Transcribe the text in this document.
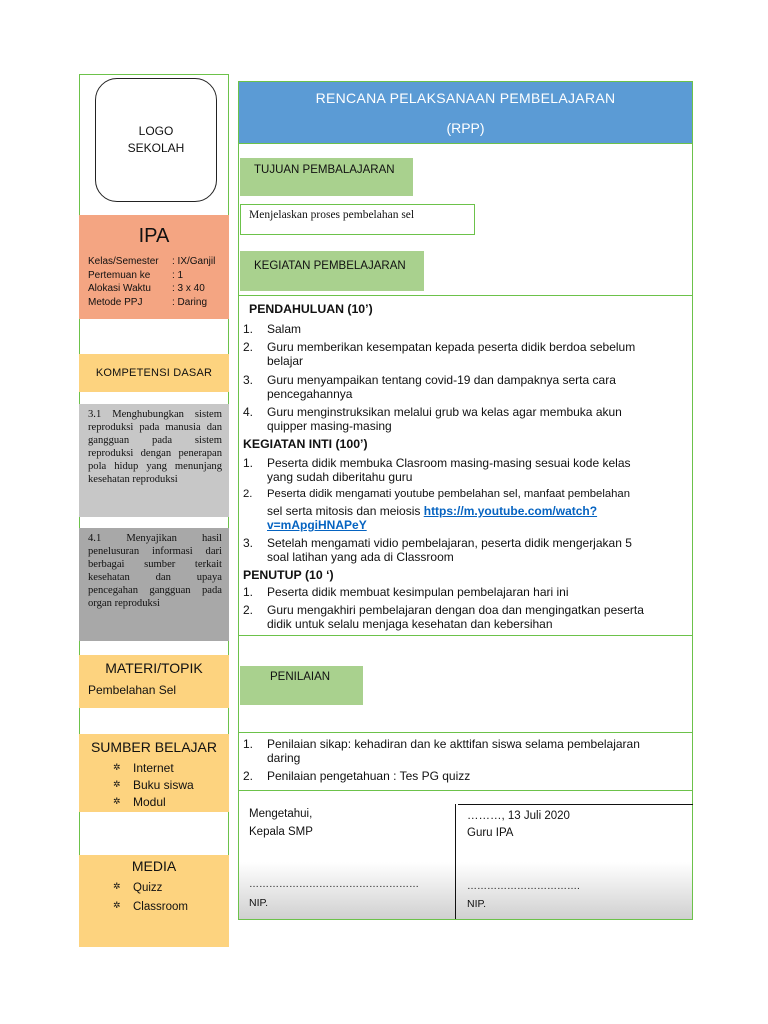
LOGO
SEKOLAH
IPA
Kelas/Semester	: IX/Ganjil
Pertemuan ke	: 1
Alokasi Waktu	: 3 x 40
Metode PPJ	: Daring
KOMPETENSI DASAR
3.1 Menghubungkan sistem reproduksi pada manusia dan gangguan pada sistem reproduksi dengan penerapan pola hidup yang menunjang kesehatan reproduksi
4.1 Menyajikan hasil penelusuran informasi dari berbagai sumber terkait kesehatan dan upaya pencegahan gangguan pada organ reproduksi
MATERI/TOPIK
Pembelahan Sel
SUMBER BELAJAR
✲ Internet
✲ Buku siswa
✲ Modul
MEDIA
✲ Quizz
✲ Classroom
RENCANA PELAKSANAAN PEMBELAJARAN
(RPP)
TUJUAN PEMBALAJARAN
Menjelaskan proses pembelahan sel
KEGIATAN PEMBELAJARAN
PENDAHULUAN (10’)
1. Salam
2. Guru memberikan kesempatan kepada peserta didik berdoa sebelum
belajar
3. Guru menyampaikan tentang covid-19 dan dampaknya serta cara
pencegahannya
4. Guru menginstruksikan melalui grub wa kelas agar membuka akun
quipper masing-masing
KEGIATAN INTI (100’)
1. Peserta didik membuka Clasroom masing-masing sesuai kode kelas
yang sudah diberitahu guru
2. Peserta didik mengamati youtube pembelahan sel, manfaat pembelahan
sel serta mitosis dan meiosis https://m.youtube.com/watch?
v=mApgiHNAPeY
3. Setelah mengamati vidio pembelajaran, peserta didik mengerjakan 5
soal latihan yang ada di Classroom
PENUTUP (10 ‘)
1. Peserta didik membuat kesimpulan pembelajaran hari ini
2. Guru mengakhiri pembelajaran dengan doa dan mengingatkan peserta
didik untuk selalu menjaga kesehatan dan kebersihan
PENILAIAN
1. Penilaian sikap: kehadiran dan ke akttifan siswa selama pembelajaran
daring
2. Penilaian pengetahuan : Tes PG quizz
Mengetahui,
Kepala SMP
……………………………………………
NIP.
………, 13 Juli 2020
Guru IPA
…………………………….
NIP.
